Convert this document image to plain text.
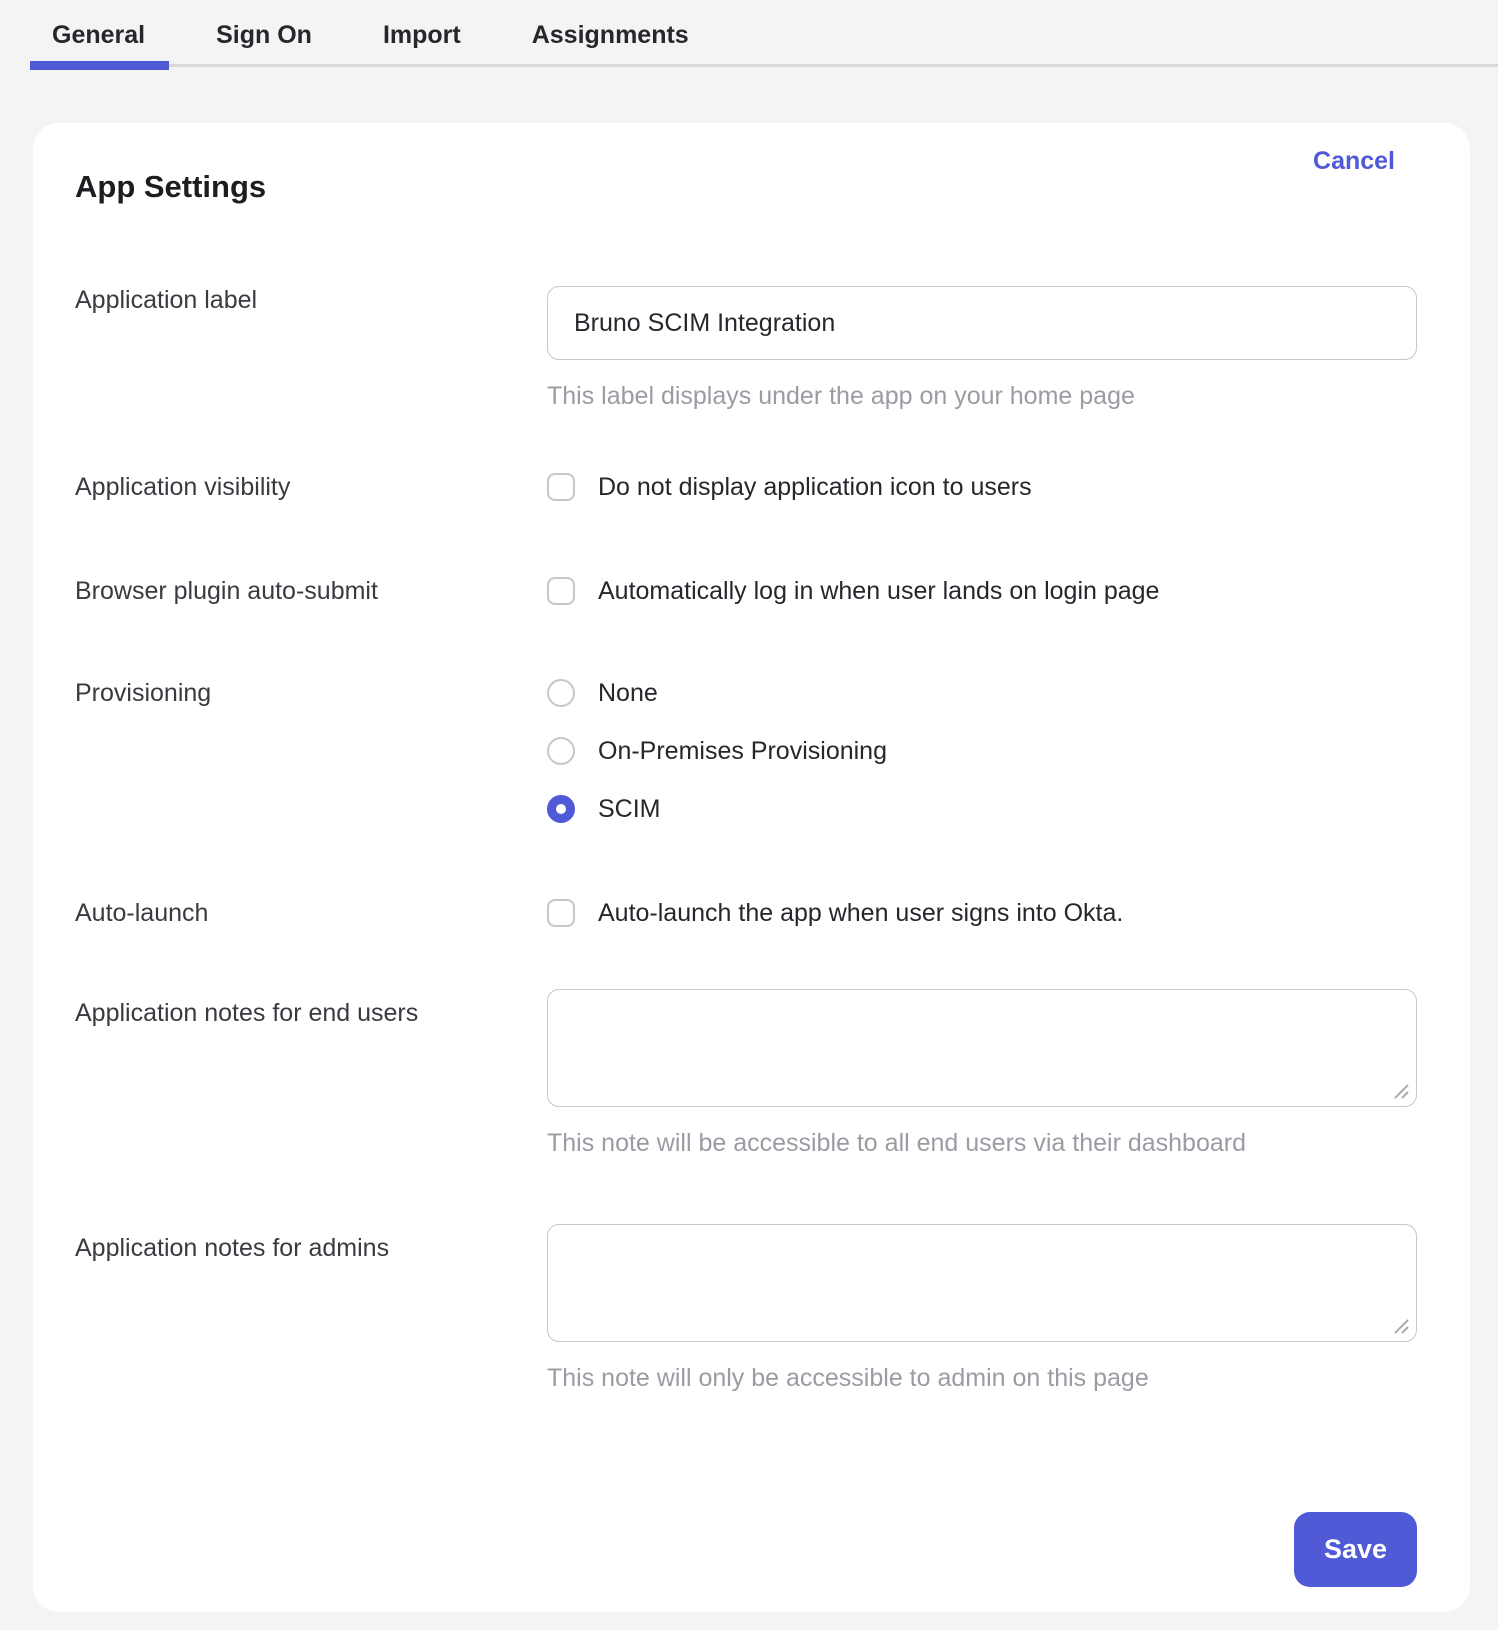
General	Sign On	Import	Assignments
Cancel
App Settings
Application label
Bruno SCIM Integration
This label displays under the app on your home page
Application visibility	Do not display application icon to users
Browser plugin auto-submit	Automatically log in when user lands on login page
Provisioning	None
On-Premises Provisioning
SCIM
Auto-launch	Auto-launch the app when user signs into Okta.
Application notes for end users
This note will be accessible to all end users via their dashboard
Application notes for admins
This note will only be accessible to admin on this page
Save
